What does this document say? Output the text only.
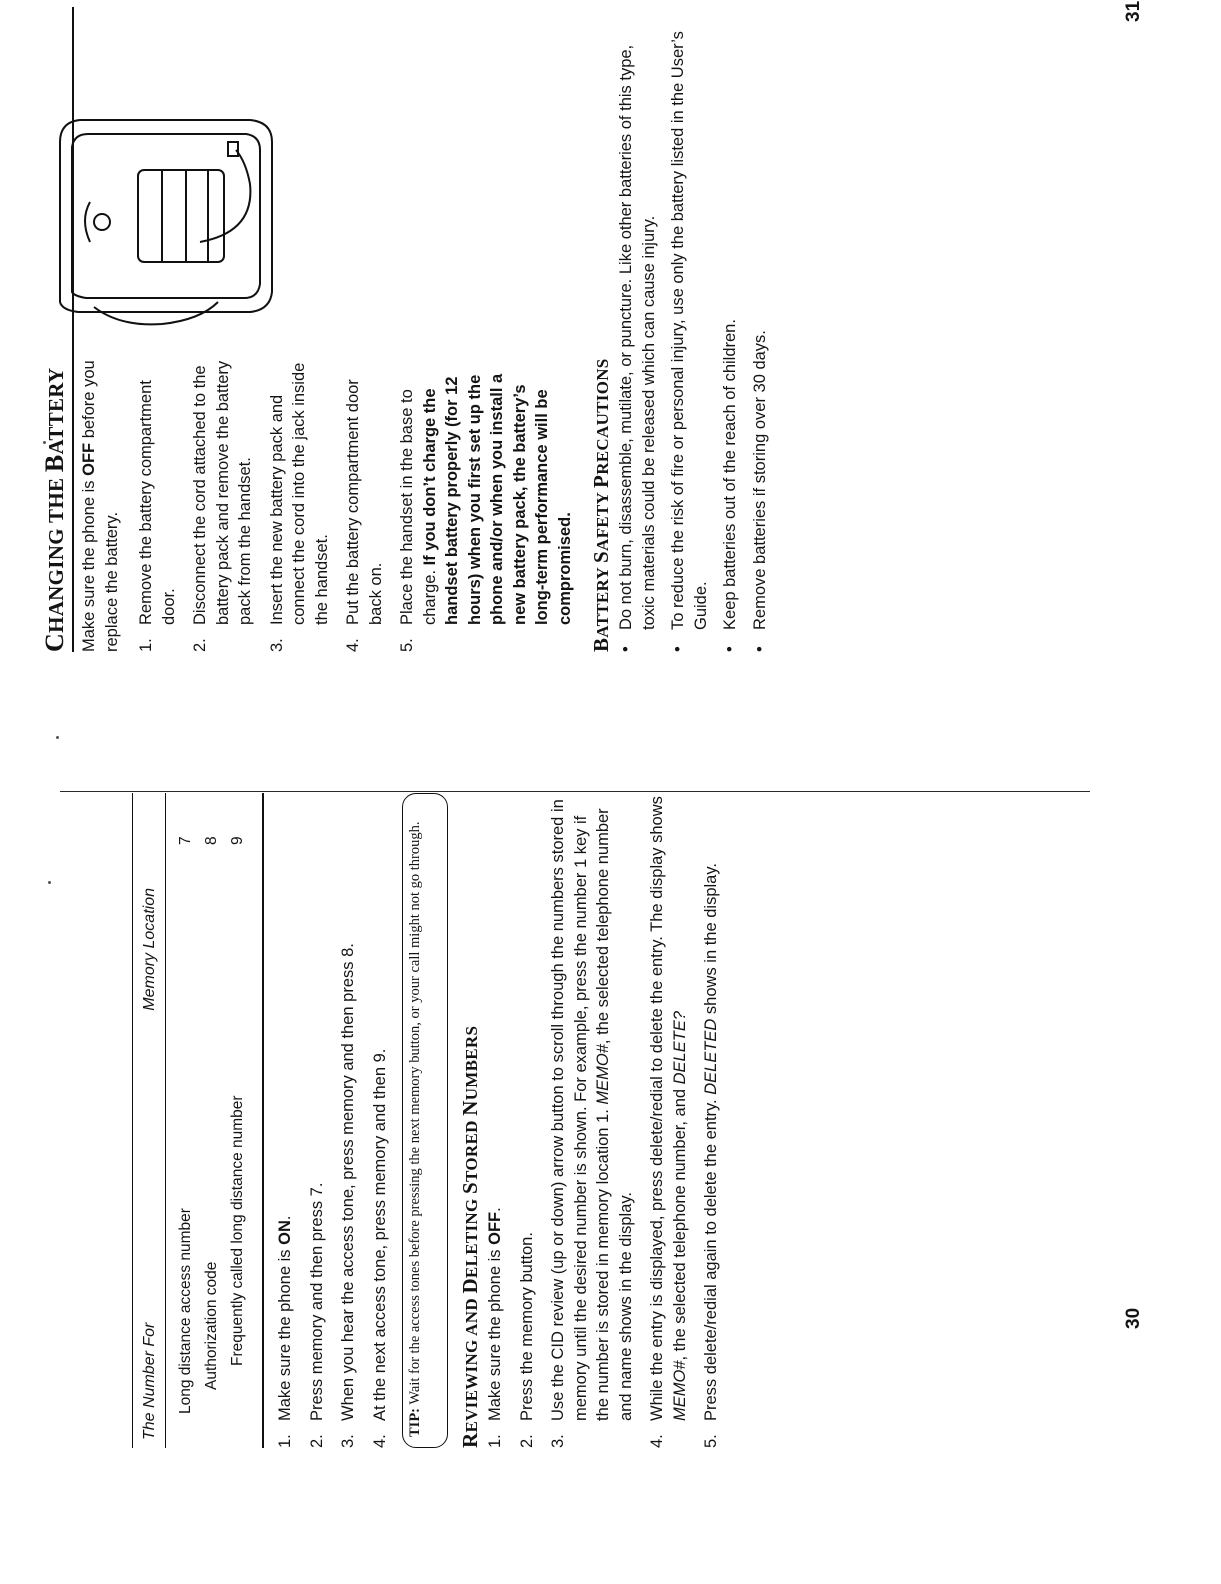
The Number For
Memory Location
Long distance access number
7
Authorization code
8
Frequently called long distance number
9
1.
Make sure the phone is ON.
2.
Press memory and then press 7.
3.
When you hear the access tone, press memory and then press 8.
4.
At the next access tone, press memory and then 9.
TIP: Wait for the access tones before pressing the next memory button, or your call might not go through.
REVIEWING AND DELETING STORED NUMBERS
1.
Make sure the phone is OFF.
2.
Press the memory button.
3.
Use the CID review (up or down) arrow button to scroll through the numbers stored in memory until the desired number is shown. For example, press the number 1 key if the number is stored in memory location 1. MEMO#, the selected telephone number and name shows in the display.
4.
While the entry is displayed, press delete/redial to delete the entry. The display shows MEMO#, the selected telephone number, and DELETE?
5.
Press delete/redial again to delete the entry. DELETED shows in the display.
30
CHANGING THE BATTERY
Make sure the phone is OFF before you replace the battery. 1.
Remove the battery compartment door.
2.
Disconnect the cord attached to the battery pack and remove the battery pack from the handset.
3.
Insert the new battery pack and connect the cord into the jack inside the handset.
4.
Put the battery compartment door back on.
5.
Place the handset in the base to charge. If you don’t charge the handset battery properly (for 12 hours) when you first set up the phone and/or when you install a new battery pack, the battery’s long-term performance will be compromised.
BATTERY SAFETY PRECAUTIONS
•
Do not burn, disassemble, mutilate, or puncture. Like other batteries of this type, toxic materials could be released which can cause injury.
•
To reduce the risk of fire or personal injury, use only the battery listed in the User’s Guide.
•
Keep batteries out of the reach of children.
•
Remove batteries if storing over 30 days.
31
